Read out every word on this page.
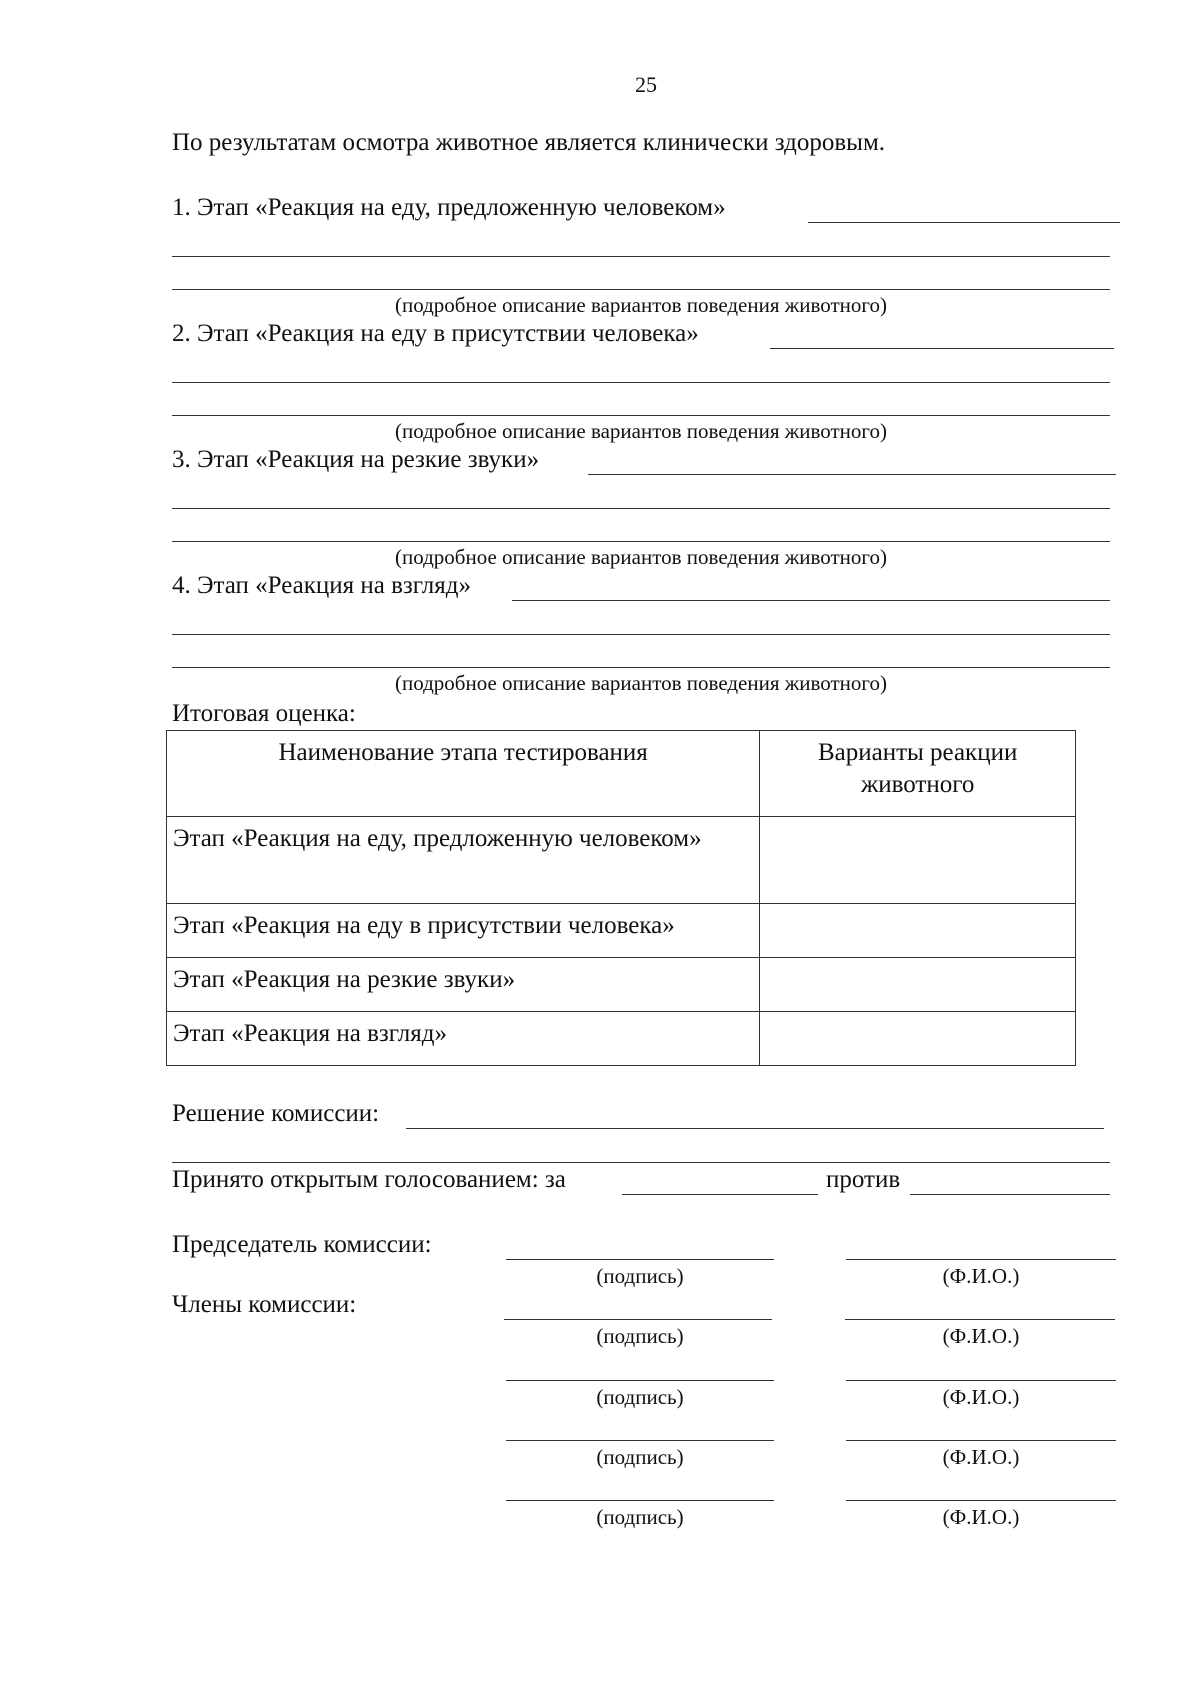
25
По результатам осмотра животное является клинически здоровым.
1. Этап «Реакция на еду, предложенную человеком»
(подробное описание вариантов поведения животного)
2. Этап «Реакция на еду в присутствии человека»
(подробное описание вариантов поведения животного)
3. Этап «Реакция на резкие звуки»
(подробное описание вариантов поведения животного)
4. Этап «Реакция на взгляд»
(подробное описание вариантов поведения животного)
Итоговая оценка:
Наименование этапа тестирования	Варианты реакции животного
Этап «Реакция на еду, предложенную человеком»	
Этап «Реакция на еду в присутствии человека»	
Этап «Реакция на резкие звуки»	
Этап «Реакция на взгляд»	
Решение комиссии:
Принято открытым голосованием: за	против
Председатель комиссии:
(подпись)	(Ф.И.О.)
Члены комиссии:
(подпись)	(Ф.И.О.)
(подпись)	(Ф.И.О.)
(подпись)	(Ф.И.О.)
(подпись)	(Ф.И.О.)
